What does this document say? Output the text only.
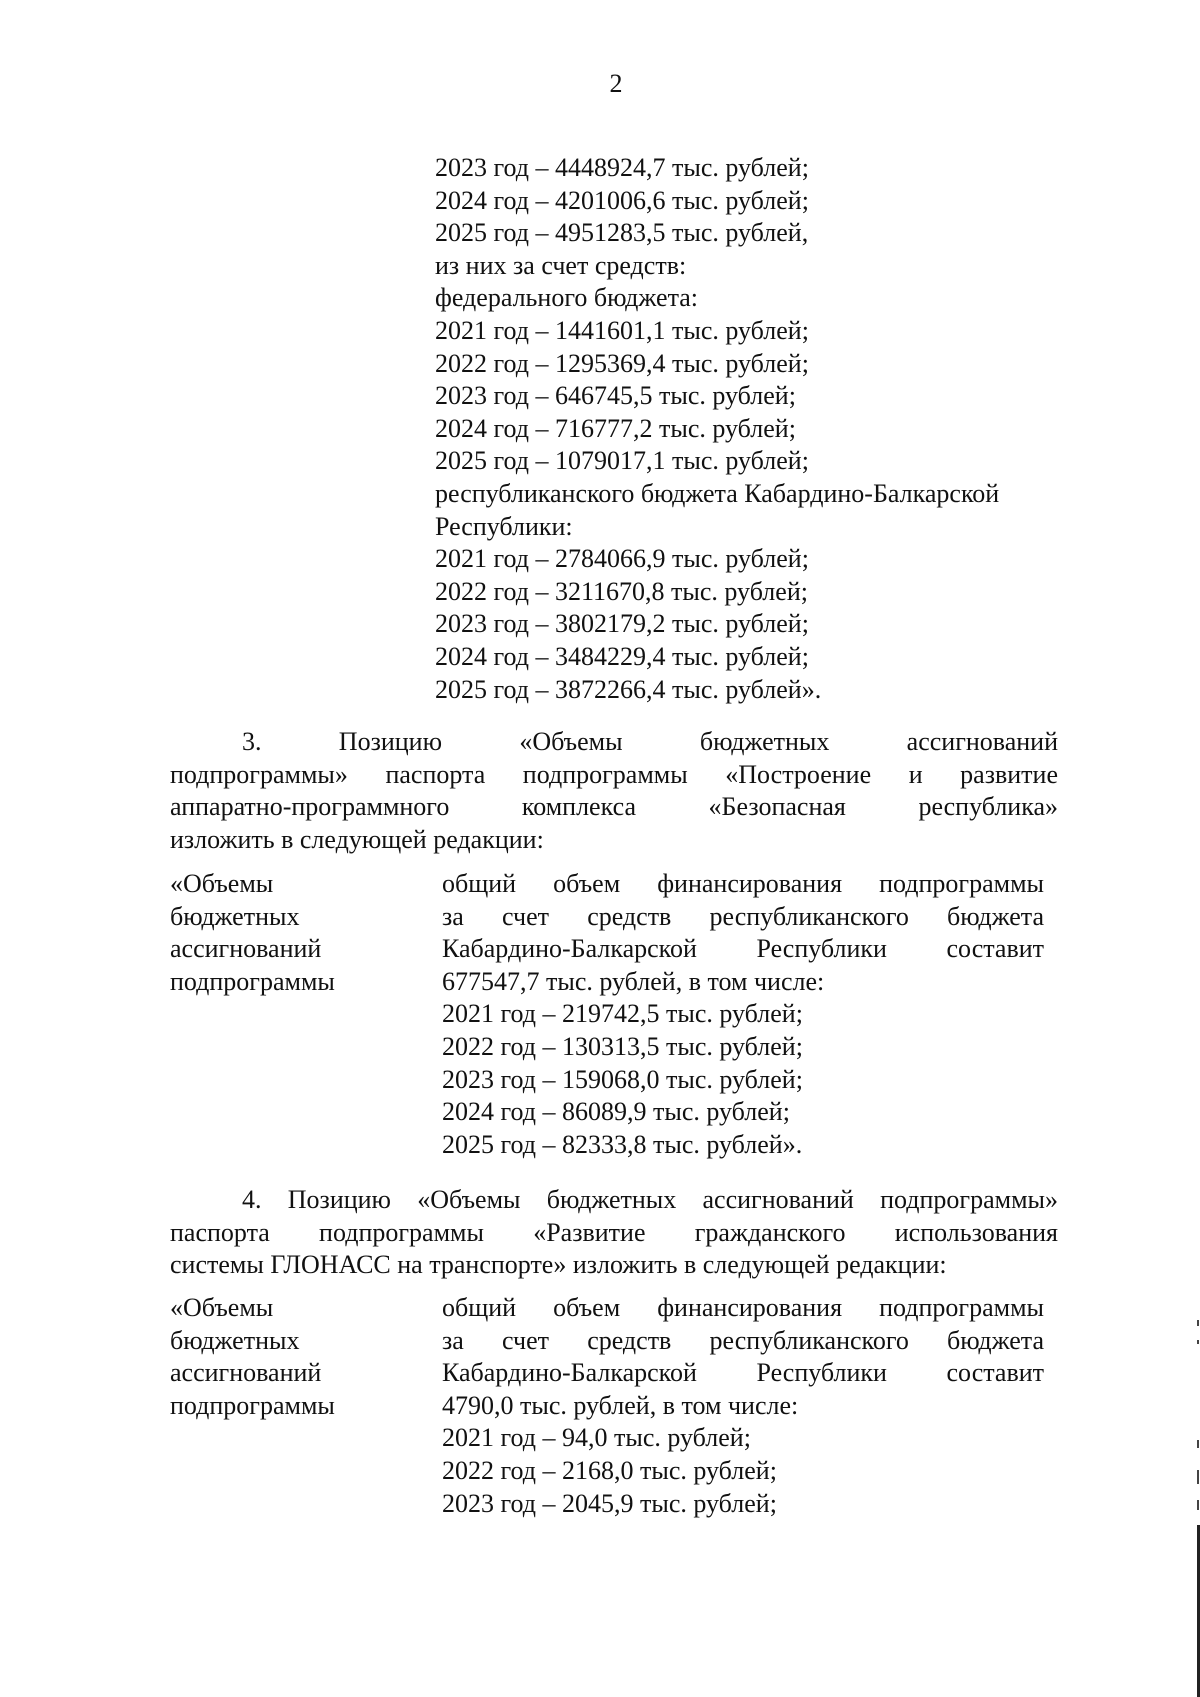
2
2023 год – 4448924,7 тыс. рублей;
2024 год – 4201006,6 тыс. рублей;
2025 год – 4951283,5 тыс. рублей,
из них за счет средств:
федерального бюджета:
2021 год – 1441601,1 тыс. рублей;
2022 год – 1295369,4 тыс. рублей;
2023 год – 646745,5 тыс. рублей;
2024 год – 716777,2 тыс. рублей;
2025 год – 1079017,1 тыс. рублей;
республиканского бюджета Кабардино-Балкарской
Республики:
2021 год – 2784066,9 тыс. рублей;
2022 год – 3211670,8 тыс. рублей;
2023 год – 3802179,2 тыс. рублей;
2024 год – 3484229,4 тыс. рублей;
2025 год – 3872266,4 тыс. рублей».
3. Позицию «Объемы бюджетных ассигнований
подпрограммы» паспорта подпрограммы «Построение и развитие
аппаратно-программного комплекса «Безопасная республика»
изложить в следующей редакции:
«Объемы
бюджетных
ассигнований
подпрограммы
общий объем финансирования подпрограммы
за счет средств республиканского бюджета
Кабардино-Балкарской Республики составит
677547,7 тыс. рублей, в том числе:
2021 год – 219742,5 тыс. рублей;
2022 год – 130313,5 тыс. рублей;
2023 год – 159068,0 тыс. рублей;
2024 год – 86089,9 тыс. рублей;
2025 год – 82333,8 тыс. рублей».
4. Позицию «Объемы бюджетных ассигнований подпрограммы»
паспорта подпрограммы «Развитие гражданского использования
системы ГЛОНАСС на транспорте» изложить в следующей редакции:
«Объемы
бюджетных
ассигнований
подпрограммы
общий объем финансирования подпрограммы
за счет средств республиканского бюджета
Кабардино-Балкарской Республики составит
4790,0 тыс. рублей, в том числе:
2021 год – 94,0 тыс. рублей;
2022 год – 2168,0 тыс. рублей;
2023 год – 2045,9 тыс. рублей;
